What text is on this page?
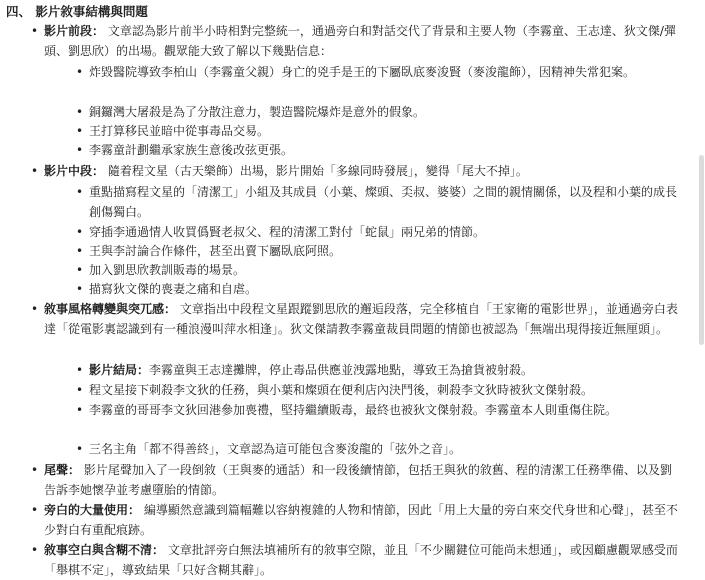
四、 影片敘事結構與問題
• 影片前段： 文章認為影片前半小時相對完整統一，通過旁白和對話交代了背景和主要人物（李霧童、王志達、狄文傑/彈頭、劉思欣）的出場。觀眾能大致了解以下幾點信息：
• 炸毀醫院導致李柏山（李霧童父親）身亡的兇手是王的下屬臥底麥浚賢（麥浚龍飾），因精神失常犯案。
• 銅鑼灣大屠殺是為了分散注意力，製造醫院爆炸是意外的假象。
• 王打算移民並暗中從事毒品交易。
• 李霧童計劃繼承家族生意後改弦更張。
• 影片中段： 隨着程文星（古天樂飾）出場，影片開始「多線同時發展」，變得「尾大不掉」。
• 重點描寫程文星的「清潔工」小組及其成員（小葉、燦頭、奀叔、婆婆）之間的親情關係，以及程和小葉的成長創傷獨白。
• 穿插李通過情人收買僞賢老叔父、程的清潔工對付「蛇鼠」兩兄弟的情節。
• 王與李討論合作條件，甚至出賣下屬臥底阿照。
• 加入劉思欣教訓販毒的場景。
• 描寫狄文傑的喪妻之痛和自虐。
• 敘事風格轉變與突兀感： 文章指出中段程文星跟蹤劉思欣的邂逅段落，完全移植自「王家衛的電影世界」，並通過旁白表達「從電影裏認識到有一種浪漫叫萍水相逢」。狄文傑請教李霧童裁員問題的情節也被認為「無端出現得接近無厘頭」。
• 影片結局：李霧童與王志達攤牌，停止毒品供應並洩露地點，導致王為搶貨被射殺。
• 程文星接下刺殺李文狄的任務，與小葉和燦頭在便利店內決鬥後，刺殺李文狄時被狄文傑射殺。
• 李霧童的哥哥李文狄回港參加喪禮，堅持繼續販毒，最終也被狄文傑射殺。李霧童本人則重傷住院。
• 三名主角「都不得善終」，文章認為這可能包含麥浚龍的「弦外之音」。
• 尾聲： 影片尾聲加入了一段倒敘（王與麥的通話）和一段後續情節，包括王與狄的敘舊、程的清潔工任務準備、以及劉告訴李她懷孕並考慮墮胎的情節。
• 旁白的大量使用： 編導顯然意識到篇幅難以容納複雜的人物和情節，因此「用上大量的旁白來交代身世和心聲」，甚至不少對白有重配痕跡。
• 敘事空白與含糊不清： 文章批評旁白無法填補所有的敘事空隙，並且「不少關鍵位可能尚未想通」，或因顧慮觀眾感受而「舉棋不定」，導致結果「只好含糊其辭」。
